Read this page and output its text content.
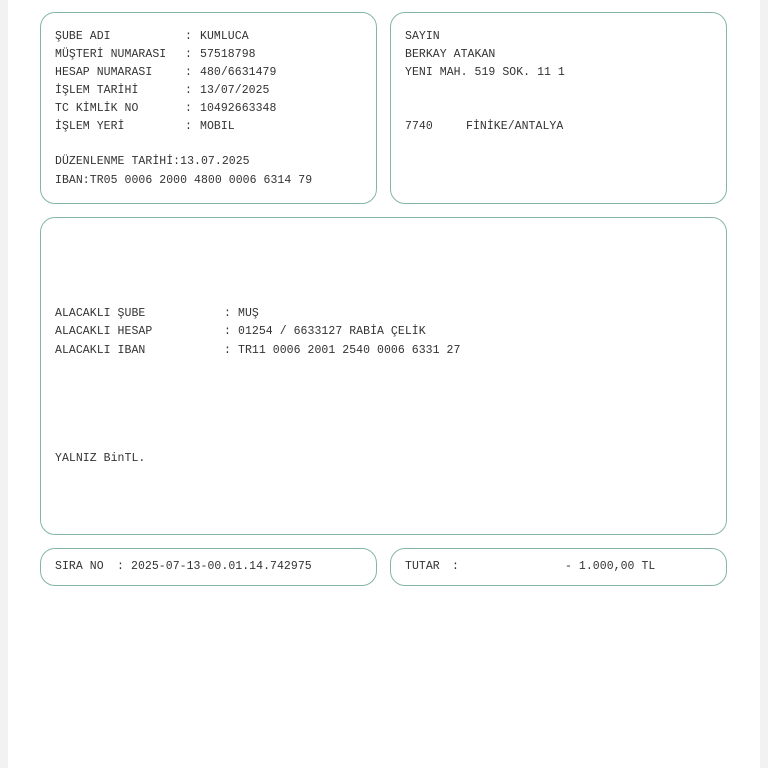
ŞUBE ADI	: KUMLUCA
MÜŞTERİ NUMARASI : 57518798
HESAP NUMARASI	: 480/6631479
İŞLEM TARİHİ	: 13/07/2025
TC KİMLİK NO	: 10492663348
İŞLEM YERİ	: MOBIL
DÜZENLENME TARİHİ:13.07.2025
IBAN:TR05 0006 2000 4800 0006 6314 79
SAYIN
BERKAY ATAKAN
YENI MAH. 519 SOK. 11 1
7740	FİNİKE/ANTALYA
ALACAKLI ŞUBE	: MUŞ
ALACAKLI HESAP	: 01254 / 6633127 RABİA ÇELİK
ALACAKLI IBAN	: TR11 0006 2001 2540 0006 6331 27
YALNIZ BinTL.
SIRA NO : 2025-07-13-00.01.14.742975	TUTAR :	- 1.000,00 TL
